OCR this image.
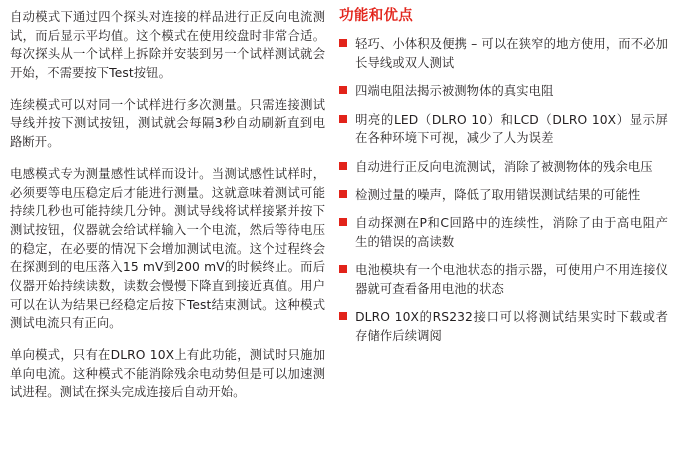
自动模式下通过四个探头对连接的样品进行正反向电流测试，而后显示平均值。这个模式在使用绞盘时非常合适。每次探头从一个试样上拆除并安装到另一个试样测试就会开始，不需要按下Test按钮。

连续模式可以对同一个试样进行多次测量。只需连接测试导线并按下测试按钮，测试就会每隔3秒自动刷新直到电路断开。

电感模式专为测量感性试样而设计。当测试感性试样时，必须要等电压稳定后才能进行测量。这就意味着测试可能持续几秒也可能持续几分钟。测试导线将试样接紧并按下测试按钮，仪器就会给试样输入一个电流，然后等待电压的稳定，在必要的情况下会增加测试电流。这个过程终会在探测到的电压落入15 mV到200 mV的时候终止。而后仪器开始持续读数，读数会慢慢下降直到接近真值。用户可以在认为结果已经稳定后按下Test结束测试。这种模式测试电流只有正向。

单向模式，只有在DLRO 10X上有此功能，测试时只施加单向电流。这种模式不能消除残余电动势但是可以加速测试进程。测试在探头完成连接后自动开始。

功能和优点
轻巧、小体积及便携 – 可以在狭窄的地方使用，而不必加长导线或双人测试
四端电阻法揭示被测物体的真实电阻
明亮的LED（DLRO 10）和LCD（DLRO 10X）显示屏在各种环境下可视，减少了人为误差
自动进行正反向电流测试，消除了被测物体的残余电压
检测过量的噪声，降低了取用错误测试结果的可能性
自动探测在P和C回路中的连续性，消除了由于高电阻产生的错误的高读数
电池模块有一个电池状态的指示器，可使用户不用连接仪器就可查看备用电池的状态
DLRO 10X的RS232接口可以将测试结果实时下载或者存储作后续调阅
